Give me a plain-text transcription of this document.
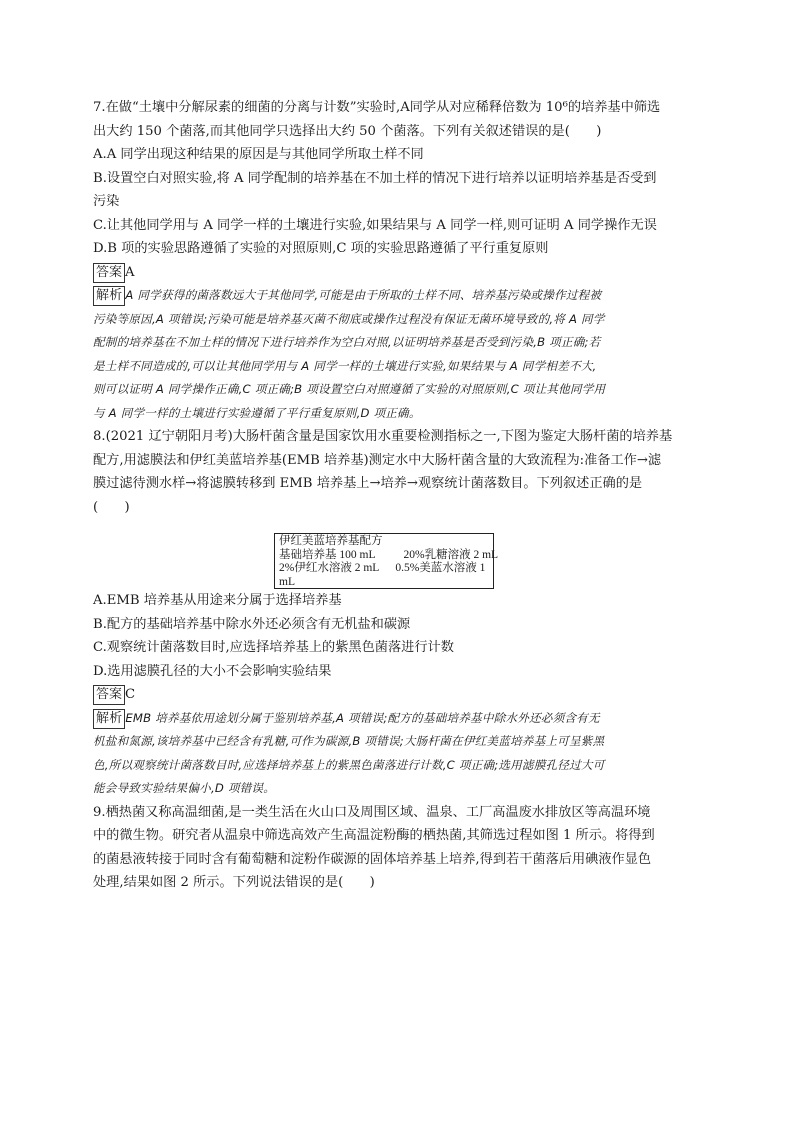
7.在做“土壤中分解尿素的细菌的分离与计数”实验时,A同学从对应稀释倍数为 10⁶的培养基中筛选

出大约 150 个菌落,而其他同学只选择出大约 50 个菌落。下列有关叙述错误的是(　　)

A.A 同学出现这种结果的原因是与其他同学所取土样不同

B.设置空白对照实验,将 A 同学配制的培养基在不加土样的情况下进行培养以证明培养基是否受到

污染

C.让其他同学用与 A 同学一样的土壤进行实验,如果结果与 A 同学一样,则可证明 A 同学操作无误

D.B 项的实验思路遵循了实验的对照原则,C 项的实验思路遵循了平行重复原则

答案 A

解析 A 同学获得的菌落数远大于其他同学,可能是由于所取的土样不同、培养基污染或操作过程被

污染等原因,A 项错误;污染可能是培养基灭菌不彻底或操作过程没有保证无菌环境导致的,将 A 同学

配制的培养基在不加土样的情况下进行培养作为空白对照,以证明培养基是否受到污染,B 项正确;若

是土样不同造成的,可以让其他同学用与 A 同学一样的土壤进行实验,如果结果与 A 同学相差不大,

则可以证明 A 同学操作正确,C 项正确;B 项设置空白对照遵循了实验的对照原则,C 项让其他同学用

与 A 同学一样的土壤进行实验遵循了平行重复原则,D 项正确。

8.(2021 辽宁朝阳月考)大肠杆菌含量是国家饮用水重要检测指标之一,下图为鉴定大肠杆菌的培养基

配方,用滤膜法和伊红美蓝培养基(EMB 培养基)测定水中大肠杆菌含量的大致流程为:准备工作→滤

膜过滤待测水样→将滤膜转移到 EMB 培养基上→培养→观察统计菌落数目。下列叙述正确的是

(　　)

A.EMB 培养基从用途来分属于选择培养基

B.配方的基础培养基中除水外还必须含有无机盐和碳源

C.观察统计菌落数目时,应选择培养基上的紫黑色菌落进行计数

D.选用滤膜孔径的大小不会影响实验结果

答案 C

解析 EMB 培养基依用途划分属于鉴别培养基,A 项错误;配方的基础培养基中除水外还必须含有无

机盐和氮源,该培养基中已经含有乳糖,可作为碳源,B 项错误;大肠杆菌在伊红美蓝培养基上可呈紫黑

色,所以观察统计菌落数目时,应选择培养基上的紫黑色菌落进行计数,C 项正确;选用滤膜孔径过大可

能会导致实验结果偏小,D 项错误。

9.栖热菌又称高温细菌,是一类生活在火山口及周围区域、温泉、工厂高温废水排放区等高温环境

中的微生物。研究者从温泉中筛选高效产生高温淀粉酶的栖热菌,其筛选过程如图 1 所示。将得到

的菌悬液转接于同时含有葡萄糖和淀粉作碳源的固体培养基上培养,得到若干菌落后用碘液作显色

处理,结果如图 2 所示。下列说法错误的是(　　)

伊红美蓝培养基配方
基础培养基 100 mL 20%乳糖溶液 2 mL
2%伊红水溶液 2 mL 0.5%美蓝水溶液 1
mL
